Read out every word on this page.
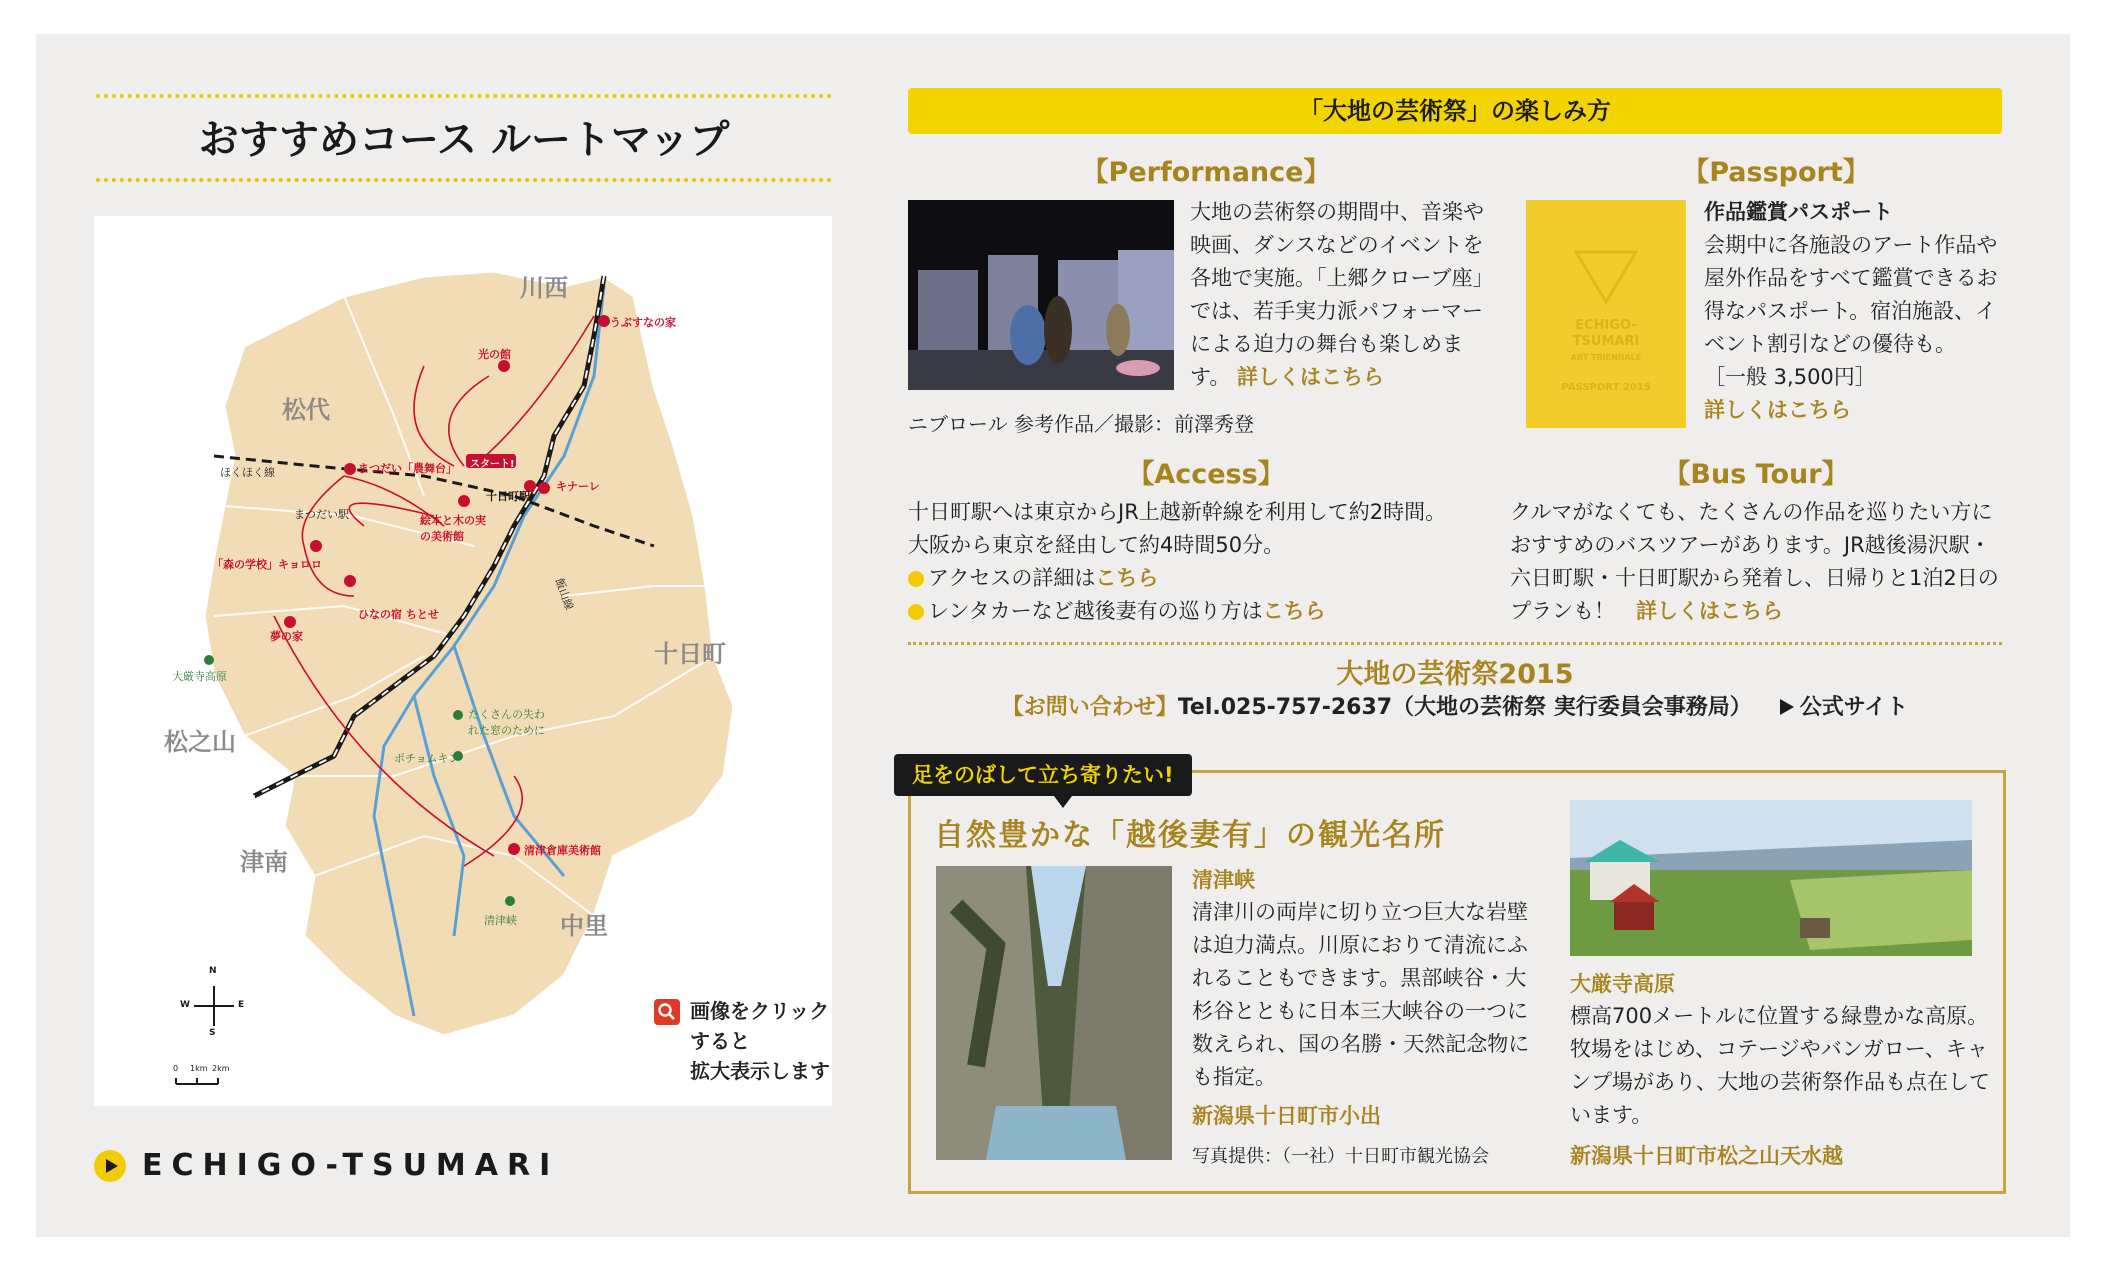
おすすめコース ルートマップ
川西
松代
十日町
松之山
津南
中里
ほくほく線
飯山線
まつだい駅
十日町駅
スタート!
うぶすなの家
光の館
キナーレ
まつだい「農舞台」
絵本と木の実の美術館
「森の学校」キョロロ
ひなの宿 ちとせ
夢の家
清津倉庫美術館
大厳寺高原
たくさんの失われた窓のために
ポチョムキン
清津峡
N
S
E
W
0 1km 2km
画像をクリックすると
拡大表示します
ECHIGO-TSUMARI
「大地の芸術祭」の楽しみ方
【Performance】
大地の芸術祭の期間中、音楽や映画、ダンスなどのイベントを各地で実施。「上郷クローブ座」では、若手実力派パフォーマーによる迫力の舞台も楽しめます。 詳しくはこちら
ニブロール 参考作品／撮影：前澤秀登
【Passport】
ECHIGO-
TSUMARI
ART TRIENNALE
PASSPORT 2015
作品鑑賞パスポート
会期中に各施設のアート作品や屋外作品をすべて鑑賞できるお得なパスポート。宿泊施設、イベント割引などの優待も。
［一般 3,500円］
詳しくはこちら
【Access】
十日町駅へは東京からJR上越新幹線を利用して約2時間。
大阪から東京を経由して約4時間50分。
アクセスの詳細はこちら
レンタカーなど越後妻有の巡り方はこちら
【Bus Tour】
クルマがなくても、たくさんの作品を巡りたい方におすすめのバスツアーがあります。JR越後湯沢駅・六日町駅・十日町駅から発着し、日帰りと1泊2日のプランも！　 詳しくはこちら
大地の芸術祭2015
【お問い合わせ】Tel.025-757-2637（大地の芸術祭 実行委員会事務局） 公式サイト
足をのばして立ち寄りたい!
自然豊かな「越後妻有」の観光名所
清津峡
清津川の両岸に切り立つ巨大な岩壁は迫力満点。川原におりて清流にふれることもできます。黒部峡谷・大杉谷とともに日本三大峡谷の一つに数えられ、国の名勝・天然記念物にも指定。
新潟県十日町市小出
写真提供：（一社）十日町市観光協会
大厳寺高原
標高700メートルに位置する緑豊かな高原。牧場をはじめ、コテージやバンガロー、キャンプ場があり、大地の芸術祭作品も点在しています。
新潟県十日町市松之山天水越
